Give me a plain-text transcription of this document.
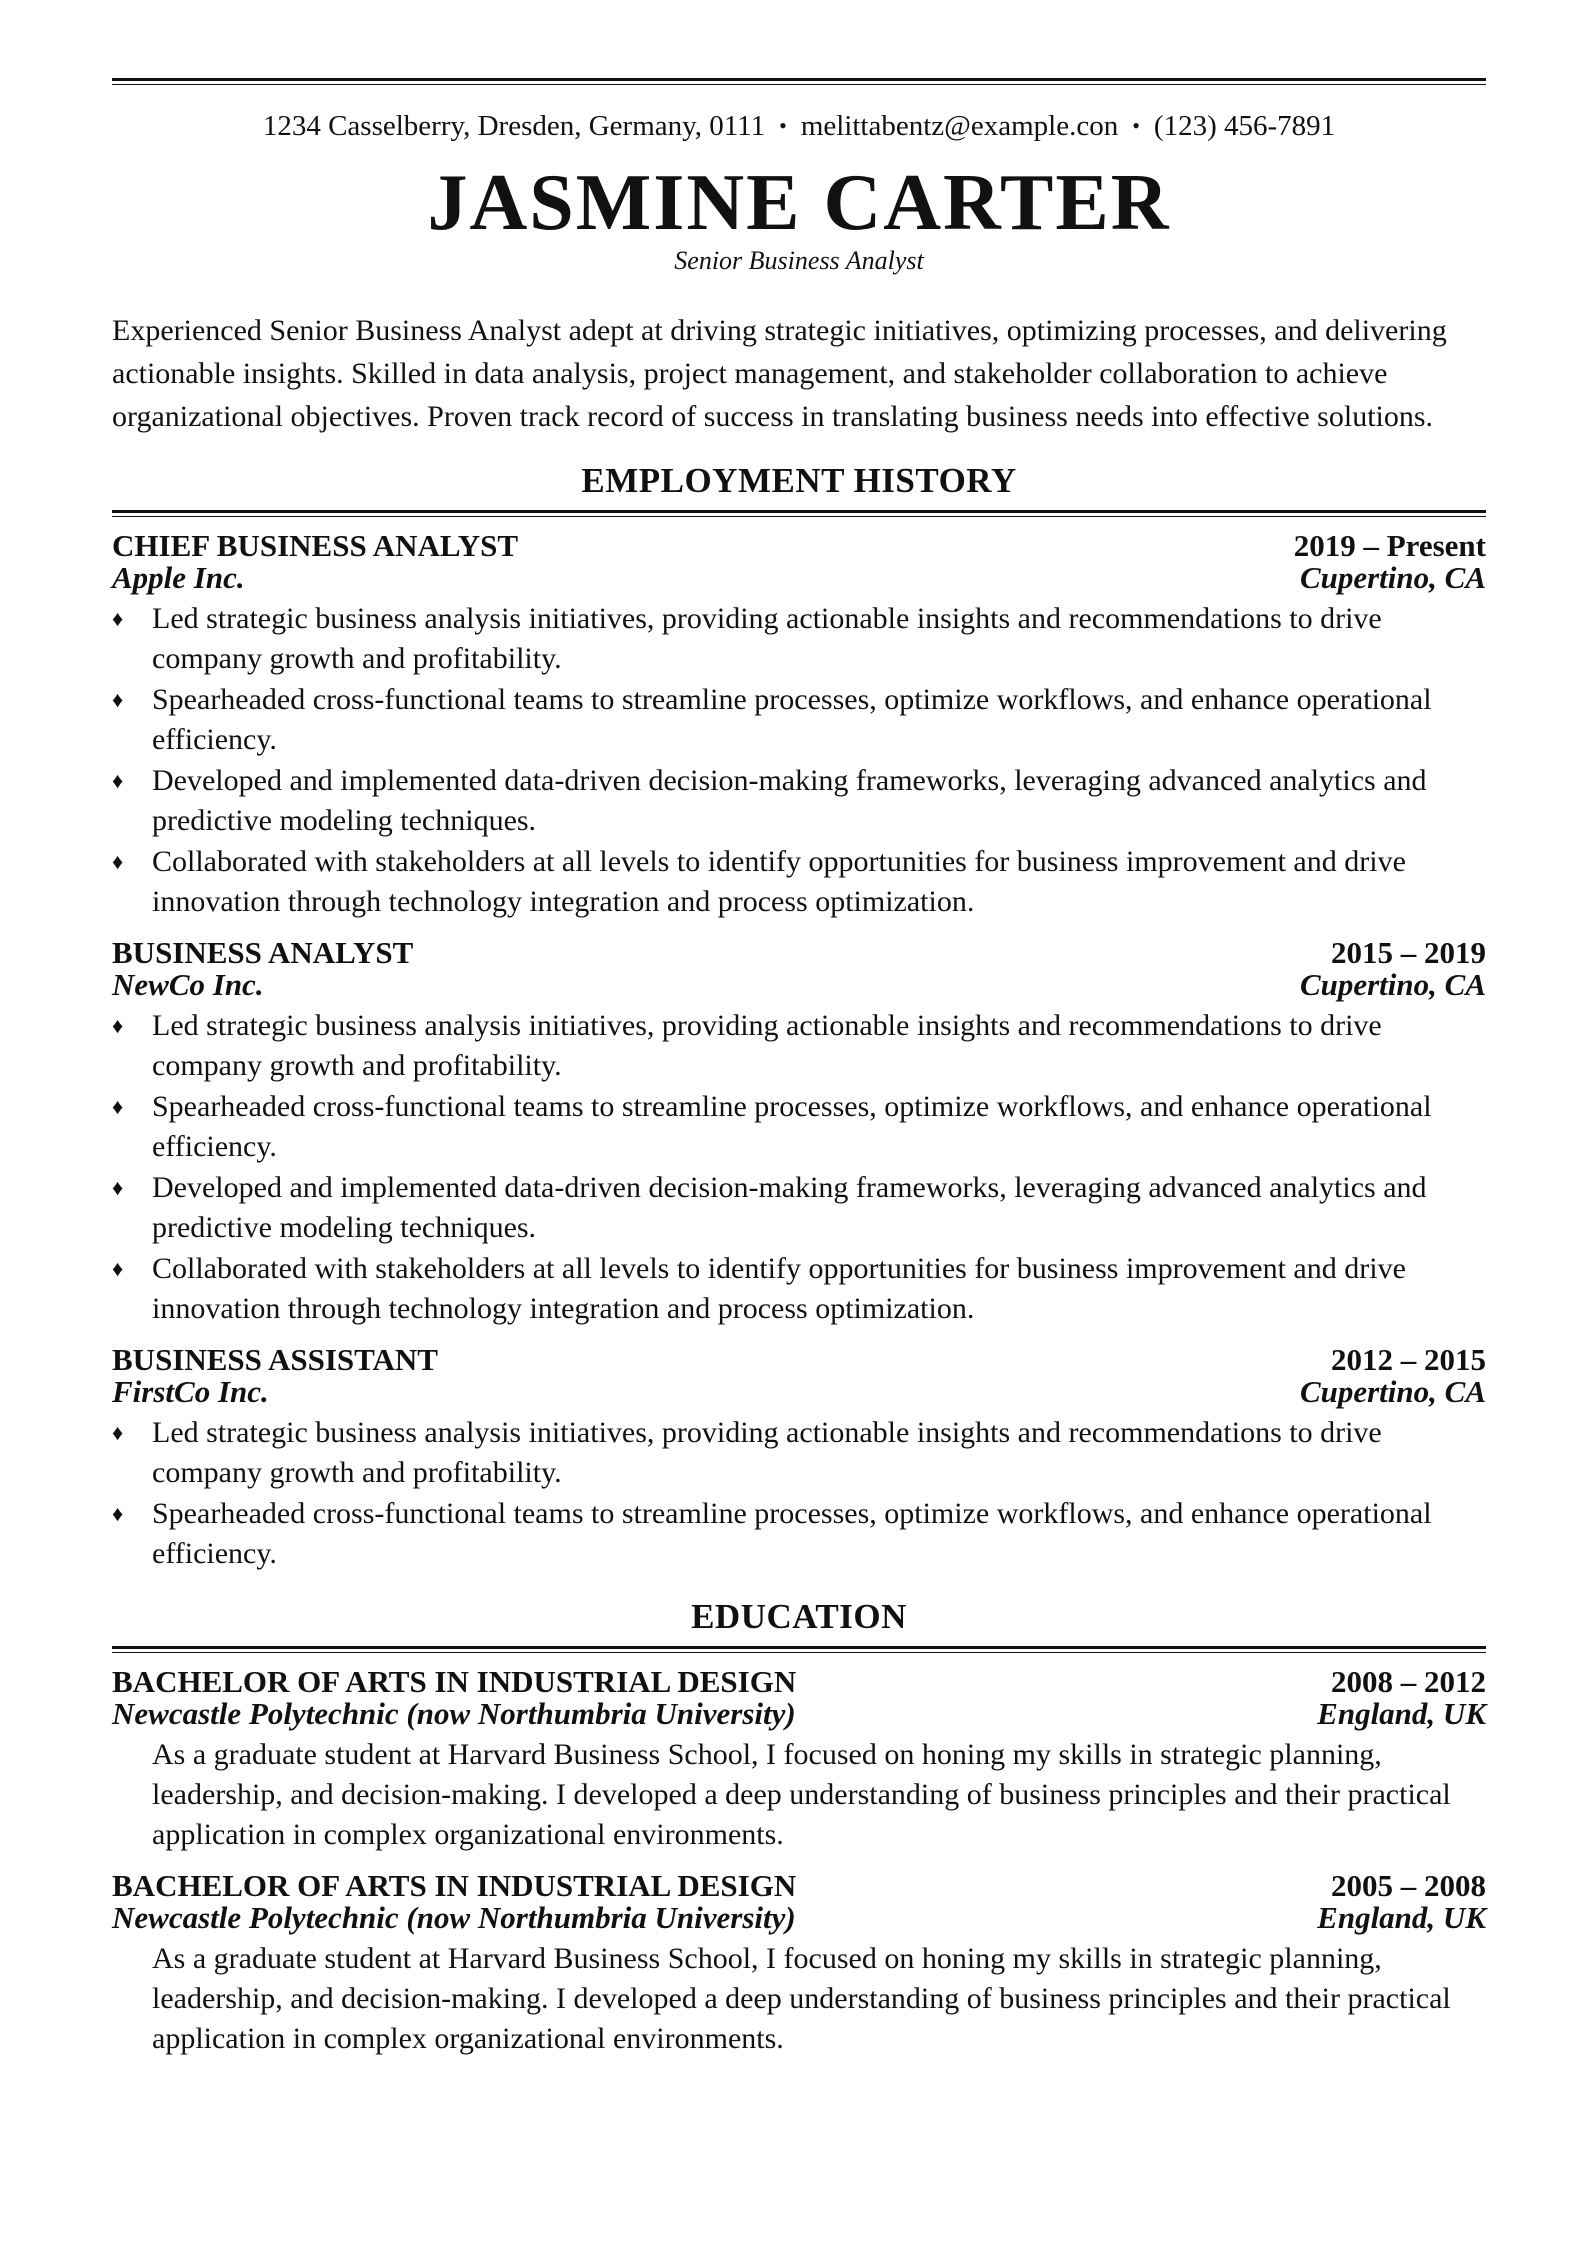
1234 Casselberry, Dresden, Germany, 0111 • melittabentz@example.con • (123) 456-7891
JASMINE CARTER
Senior Business Analyst
Experienced Senior Business Analyst adept at driving strategic initiatives, optimizing processes, and delivering actionable insights. Skilled in data analysis, project management, and stakeholder collaboration to achieve organizational objectives. Proven track record of success in translating business needs into effective solutions.
EMPLOYMENT HISTORY
CHIEF BUSINESS ANALYST	2019 – Present
Apple Inc.	Cupertino, CA
♦ Led strategic business analysis initiatives, providing actionable insights and recommendations to drive company growth and profitability.
♦ Spearheaded cross-functional teams to streamline processes, optimize workflows, and enhance operational efficiency.
♦ Developed and implemented data-driven decision-making frameworks, leveraging advanced analytics and predictive modeling techniques.
♦ Collaborated with stakeholders at all levels to identify opportunities for business improvement and drive innovation through technology integration and process optimization.
BUSINESS ANALYST	2015 – 2019
NewCo Inc.	Cupertino, CA
♦ Led strategic business analysis initiatives, providing actionable insights and recommendations to drive company growth and profitability.
♦ Spearheaded cross-functional teams to streamline processes, optimize workflows, and enhance operational efficiency.
♦ Developed and implemented data-driven decision-making frameworks, leveraging advanced analytics and predictive modeling techniques.
♦ Collaborated with stakeholders at all levels to identify opportunities for business improvement and drive innovation through technology integration and process optimization.
BUSINESS ASSISTANT	2012 – 2015
FirstCo Inc.	Cupertino, CA
♦ Led strategic business analysis initiatives, providing actionable insights and recommendations to drive company growth and profitability.
♦ Spearheaded cross-functional teams to streamline processes, optimize workflows, and enhance operational efficiency.
EDUCATION
BACHELOR OF ARTS IN INDUSTRIAL DESIGN	2008 – 2012
Newcastle Polytechnic (now Northumbria University)	England, UK
As a graduate student at Harvard Business School, I focused on honing my skills in strategic planning, leadership, and decision-making. I developed a deep understanding of business principles and their practical application in complex organizational environments.
BACHELOR OF ARTS IN INDUSTRIAL DESIGN	2005 – 2008
Newcastle Polytechnic (now Northumbria University)	England, UK
As a graduate student at Harvard Business School, I focused on honing my skills in strategic planning, leadership, and decision-making. I developed a deep understanding of business principles and their practical application in complex organizational environments.
